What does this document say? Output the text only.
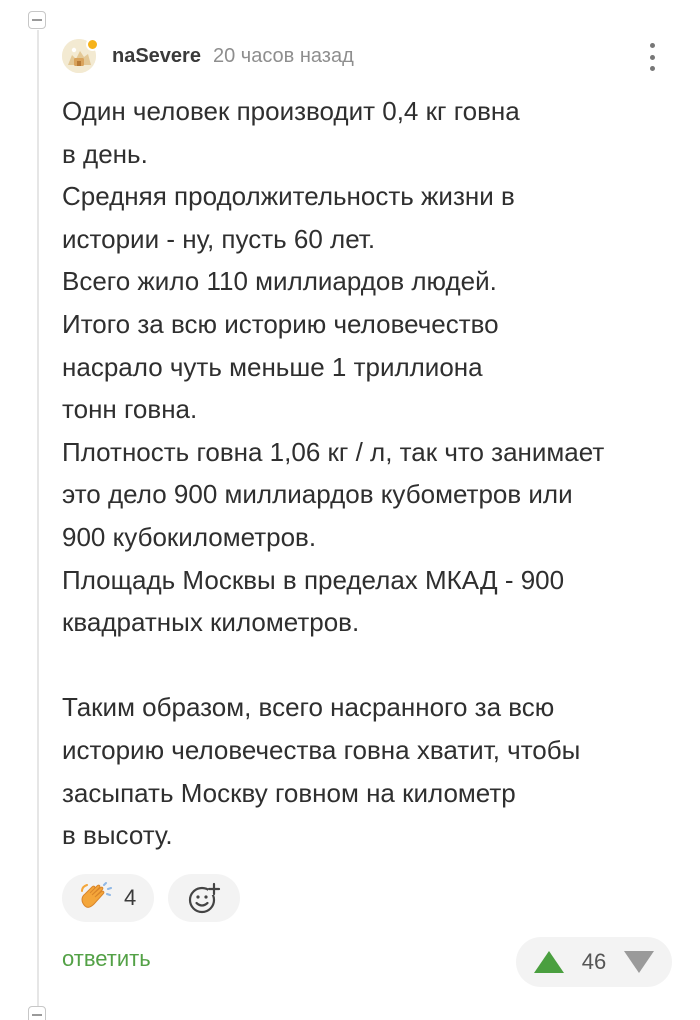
naSevere 20 часов назад
Один человек производит 0,4 кг говна
в день.
Средняя продолжительность жизни в
истории - ну, пусть 60 лет.
Всего жило 110 миллиардов людей.
Итого за всю историю человечество
насрало чуть меньше 1 триллиона
тонн говна.
Плотность говна 1,06 кг / л, так что занимает
это дело 900 миллиардов кубометров или
900 кубокилометров.
Площадь Москвы в пределах МКАД - 900
квадратных километров.
Таким образом, всего насранного за всю
историю человечества говна хватит, чтобы
засыпать Москву говном на километр
в высоту.
4
ответить	46
